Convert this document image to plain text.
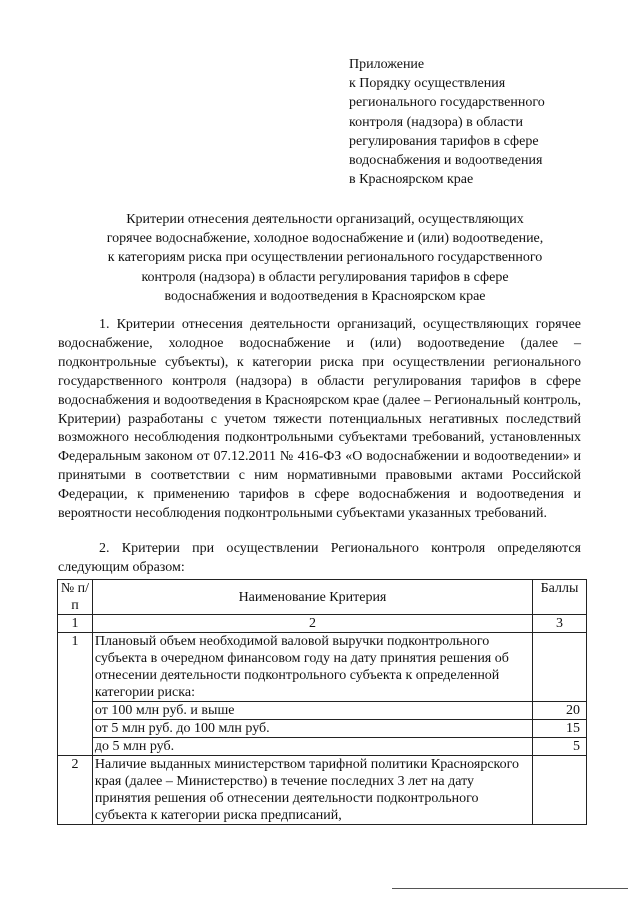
Приложение
к Порядку осуществления
регионального государственного
контроля (надзора) в области
регулирования тарифов в сфере
водоснабжения и водоотведения
в Красноярском крае
Критерии отнесения деятельности организаций, осуществляющих
горячее водоснабжение, холодное водоснабжение и (или) водоотведение,
к категориям риска при осуществлении регионального государственного
контроля (надзора) в области регулирования тарифов в сфере
водоснабжения и водоотведения в Красноярском крае

1. Критерии отнесения деятельности организаций, осуществляющих горячее водоснабжение, холодное водоснабжение и (или) водоотведение (далее – подконтрольные субъекты), к категории риска при осуществлении регионального государственного контроля (надзора) в области регулирования тарифов в сфере водоснабжения и водоотведения в Красноярском крае (далее – Региональный контроль, Критерии) разработаны с учетом тяжести потенциальных негативных последствий возможного несоблюдения подконтрольными субъектами требований, установленных Федеральным законом от 07.12.2011 № 416-ФЗ «О водоснабжении и водоотведении» и принятыми в соответствии с ним нормативными правовыми актами Российской Федерации, к применению тарифов в сфере водоснабжения и водоотведения и вероятности несоблюдения подконтрольными субъектами указанных требований.

2. Критерии при осуществлении Регионального контроля определяются следующим образом:

№ п/п	Наименование Критерия	Баллы
1	2	3
1	Плановый объем необходимой валовой выручки подконтрольного субъекта в очередном финансовом году на дату принятия решения об отнесении деятельности подконтрольного субъекта к определенной категории риска:	
	от 100 млн руб. и выше	20
	от 5 млн руб. до 100 млн руб.	15
	до 5 млн руб.	5
2	Наличие выданных министерством тарифной политики Красноярского края (далее – Министерство) в течение последних 3 лет на дату принятия решения об отнесении деятельности подконтрольного субъекта к категории риска предписаний,	
